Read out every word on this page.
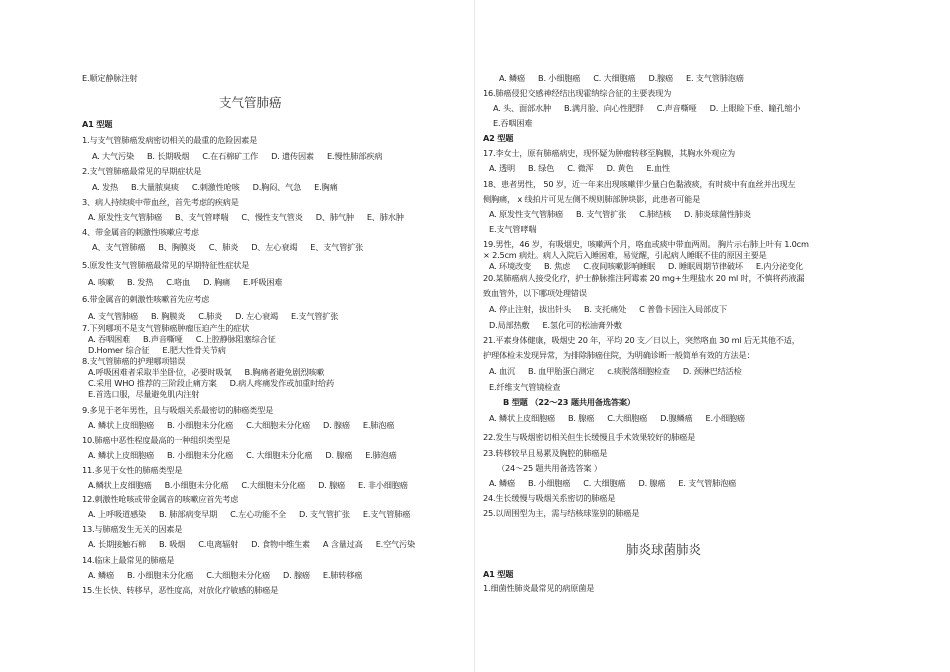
E.顺定静脉注射
支气管肺癌
A1 型题
1.与支气管肺癌发病密切相关的最重的危险因素是
A. 大气污染 B. 长期吸烟 C.在石棉矿工作 D. 遗传因素 E.慢性肺部疾病
2.支气管肺癌最常见的早期症状是
A. 发热 B.大量脓臭痰 C.刺激性呛咳 D.胸闷、气急 E.胸痛
3、病人持续痰中带血丝，首先考虑的疾病是
A. 原发性支气管肺癌 B、支气管哮喘 C、慢性支气管炎 D、肺气肿 E、肺水肿
4、带金属音的刺激性咳嗽应考虑
A、支气管肺癌 B、胸膜炎 C、肺炎 D、左心衰竭 E、支气管扩张
5.原发性支气管肺癌最常见的早期特征性症状是
A. 咳嗽 B. 发热 C.咯血 D. 胸痛 E.呼吸困难
6.带金属音的刺激性咳嗽首先应考虑
A. 支气管肺癌 B. 胸膜炎 C.肺炎 D. 左心衰竭 E.支气管扩张
7.下列哪项不是支气管肺癌肿瘤压迫产生的症状
A. 吞咽困难 B.声音嘶哑 C.上腔静脉阻塞综合征
D.Homer 综合征 E.肥大性骨关节病
8.支气管肺癌的护理哪项错误
A.呼吸困难者采取半坐卧位，必要时吸氧 B.胸痛者避免剧烈咳嗽
C.采用 WHO 推荐的三阶段止痛方案 D.病人疼痛发作或加重时给药
E.首选口服，尽量避免肌内注射
9.多见于老年男性，且与吸烟关系最密切的肺癌类型是
A. 鳞状上皮细胞癌 B. 小细胞未分化癌 C.大细胞未分化癌 D. 腺癌 E.肺泡癌
10.肺癌中恶性程度最高的一种组织类型是
A. 鳞状上皮细胞癌 B. 小细胞未分化癌 C. 大细胞未分化癌 D. 腺癌 E.肺泡癌
11.多见于女性的肺癌类型是
A.鳞状上皮细胞癌 B.小细胞未分化癌 C.大细胞未分化癌 D. 腺癌 E. 非小细胞癌
12.刺激性呛咳或带金属音的咳嗽应首先考虑
A. 上呼吸道感染 B. 肺部病变早期 C.左心功能不全 D. 支气管扩张 E.支气管肺癌
13.与肺癌发生无关的因素是
A. 长期接触石棉 B. 吸烟 C.电离辐射 D. 食物中维生素 A 含量过高 E.空气污染
14.临床上最常见的肺癌是
A. 鳞癌 B. 小细胞未分化癌 C.大细胞未分化癌 D. 腺癌 E.肺转移癌
15.生长快、转移早，恶性度高，对放化疗敏感的肺癌是
A. 鳞癌 B. 小细胞癌 C. 大细胞癌 D.腺癌 E. 支气管肺泡癌
16.肺癌侵犯交感神经结出现霍纳综合征的主要表现为
A. 头、面部水肿 B.满月脸、向心性肥胖 C.声音嘶哑 D. 上眼睑下垂、瞳孔缩小
E.吞咽困难
A2 型题
17.李女士，原有肺癌病史，现怀疑为肿瘤转移至胸膜，其胸水外观应为
A. 透明 B. 绿色 C. 微浑 D. 黄色 E.血性
18、患者男性， 50 岁，近一年来出现咳嗽伴少量白色黏液痰，有时痰中有血丝并出现左
侧胸痛， x 线拍片可见左侧不规则肺部肿块影，此患者可能是
A. 原发性支气管肺癌 B. 支气管扩张 C.肺结核 D. 肺炎球菌性肺炎
E.支气管哮喘
19.男性，46 岁，有吸烟史，咳嗽两个月，咯血或痰中带血两周。 胸片示右肺上叶有 1.0cm
× 2.5cm 病灶。病人入院后入睡困难，易觉醒，引起病人睡眠不佳的原因主要是
A. 环境改变 B. 焦虑 C.夜间咳嗽影响睡眠 D. 睡眠周期节律破坏 E.内分泌变化
20.某肺癌病人接受化疗，护士静脉推注阿霉素 20 mg+生理盐水 20 ml 时，不慎将药液漏
致血管外，以下哪项处理错误
A. 停止注射，拔出针头 B. 支托痛处 C 普鲁卡因注入局部皮下
D.局部热敷 E.氢化可的松油膏外敷
21.平素身体健康，吸烟史 20 年，平均 20 支／日以上，突然咯血 30 ml 后无其他不适，
护理体检未发现异常，为排除肺癌住院，为明确诊断一般简单有效的方法是：
A. 血沉 B. 血甲胎蛋白测定 c.痰脱落细胞检查 D. 颈淋巴结活检
E.纤维支气管镜检查
B 型题 （22～23 题共用备选答案）
A. 鳞状上皮细胞癌 B. 腺癌 C.大细胞癌 D.腺鳞癌 E.小细胞癌
22.发生与吸烟密切相关但生长缓慢且手术效果较好的肺癌是
23.转移较早且易累及胸腔的肺癌是
（24～25 题共用备选答案 ）
A. 鳞癌 B. 小细胞癌 C. 大细胞癌 D. 腺癌 E. 支气管肺泡癌
24.生长缓慢与吸烟关系密切的肺癌是
25.以周围型为主，需与结核球鉴别的肺癌是
肺炎球菌肺炎
A1 型题
1.细菌性肺炎最常见的病原菌是
